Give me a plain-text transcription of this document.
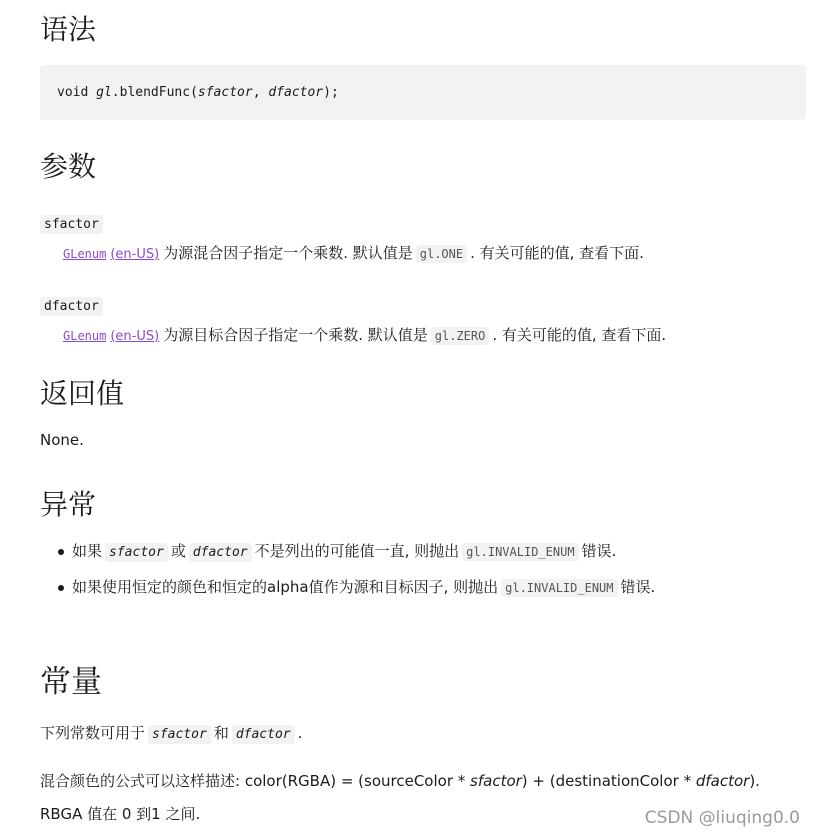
语法
void gl.blendFunc(sfactor, dfactor);
参数
sfactor
GLenum (en-US) 为源混合因子指定一个乘数. 默认值是 gl.ONE . 有关可能的值, 查看下面.
dfactor
GLenum (en-US) 为源目标合因子指定一个乘数. 默认值是 gl.ZERO . 有关可能的值, 查看下面.
返回值
None.
异常
如果 sfactor 或 dfactor 不是列出的可能值一直, 则抛出 gl.INVALID_ENUM 错误.
如果使用恒定的颜色和恒定的alpha值作为源和目标因子, 则抛出 gl.INVALID_ENUM 错误.
常量
下列常数可用于 sfactor 和 dfactor .
混合颜色的公式可以这样描述: color(RGBA) = (sourceColor * sfactor) + (destinationColor * dfactor).
RBGA 值在 0 到1 之间.	CSDN @liuqing0.0
